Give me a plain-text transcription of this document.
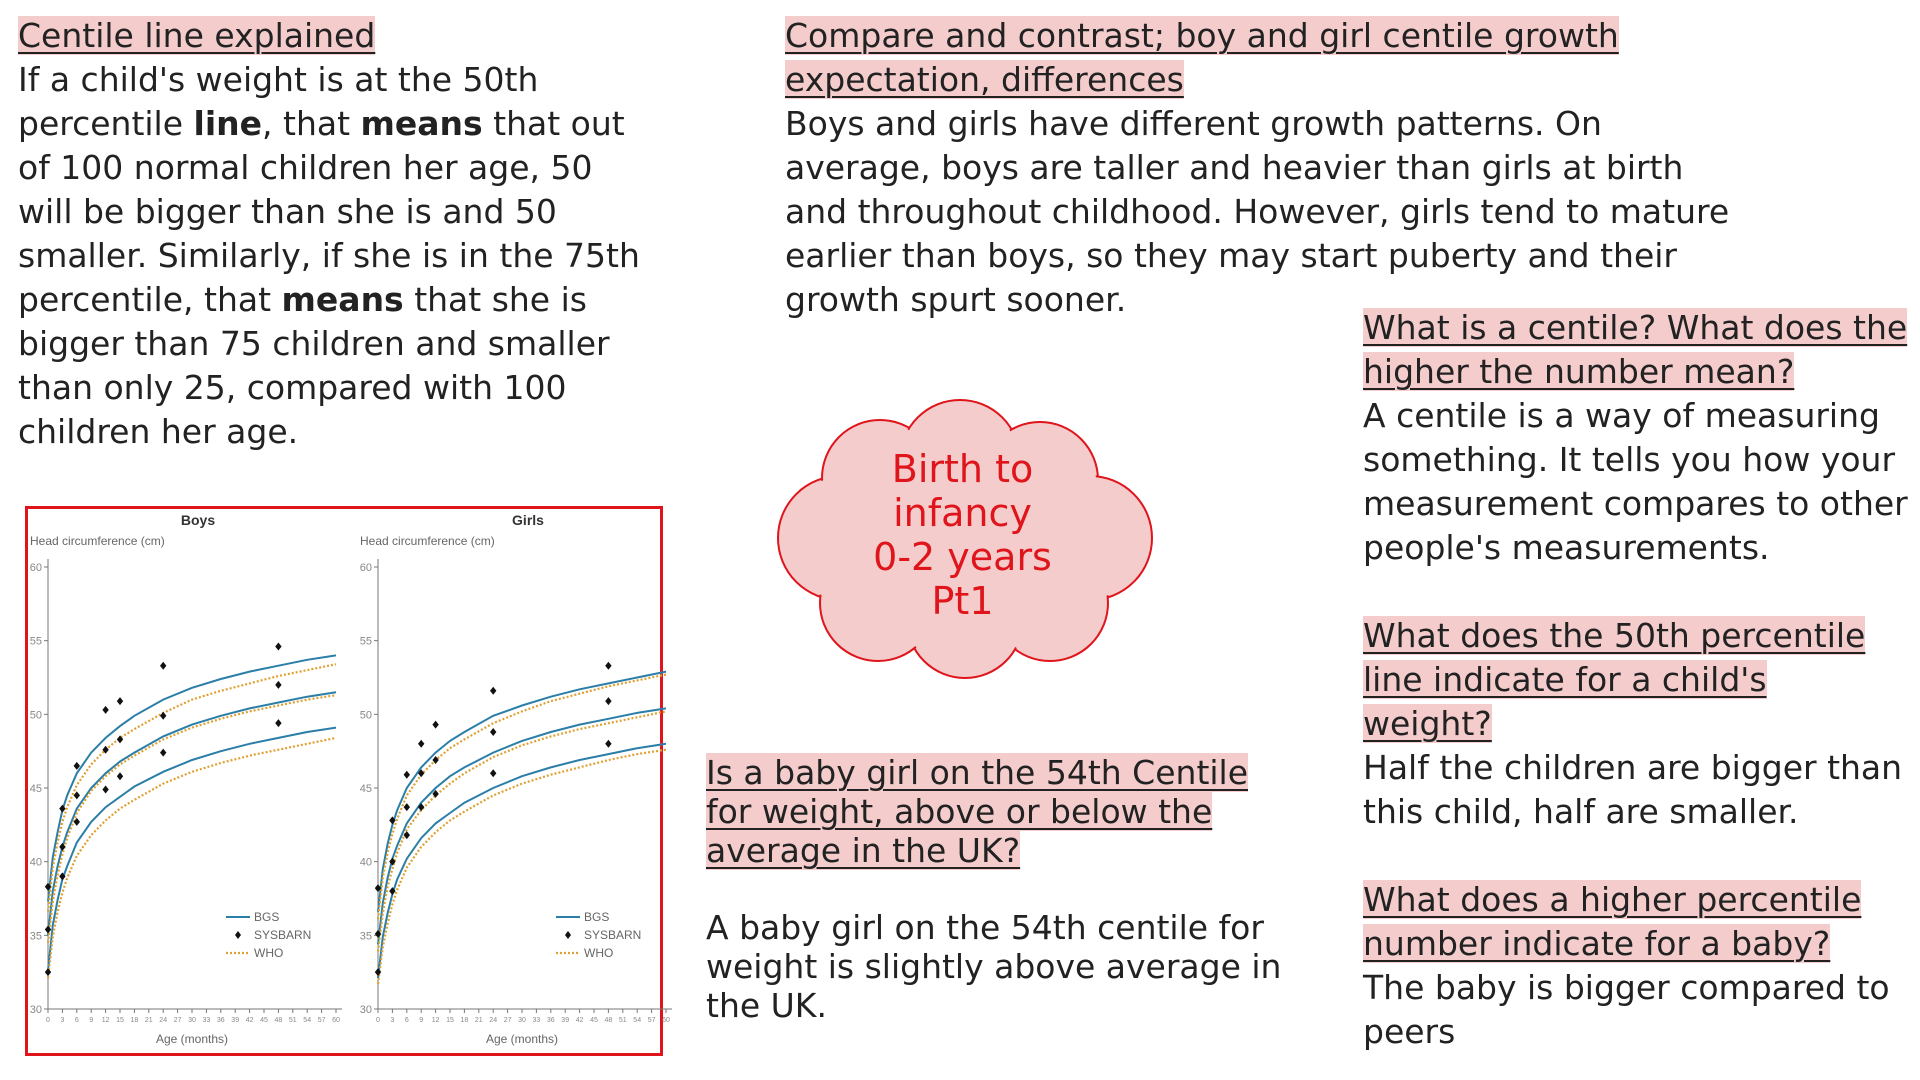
Centile line explained
If a child's weight is at the 50th percentile line, that means that out of 100 normal children her age, 50 will be bigger than she is and 50 smaller. Similarly, if she is in the 75th percentile, that means that she is bigger than 75 children and smaller than only 25, compared with 100 children her age.
Compare and contrast; boy and girl centile growth expectation, differences
Boys and girls have different growth patterns. On average, boys are taller and heavier than girls at birth and throughout childhood. However, girls tend to mature earlier than boys, so they may start puberty and their growth spurt sooner.
What is a centile? What does the higher the number mean?
A centile is a way of measuring something. It tells you how your measurement compares to other people's measurements.
What does the 50th percentile line indicate for a child's weight?
Half the children are bigger than this child, half are smaller.
What does a higher percentile number indicate for a baby?
The baby is bigger compared to peers
Is a baby girl on the 54th Centile for weight, above or below the average in the UK?
A baby girl on the 54th centile for weight is slightly above average in the UK.
Birth to
infancy
0-2 years
Pt1
Boys
Head circumference (cm)
30
35
40
45
50
55
60
0 3 6 9 12 15 18 21 24 27 30 33 36 39 42 45 48 51 54 57 60
Age (months)
BGS
SYSBARN
WHO
Girls
Head circumference (cm)
30
35
40
45
50
55
60
0 3 6 9 12 15 18 21 24 27 30 33 36 39 42 45 48 51 54 57 60
Age (months)
BGS
SYSBARN
WHO
